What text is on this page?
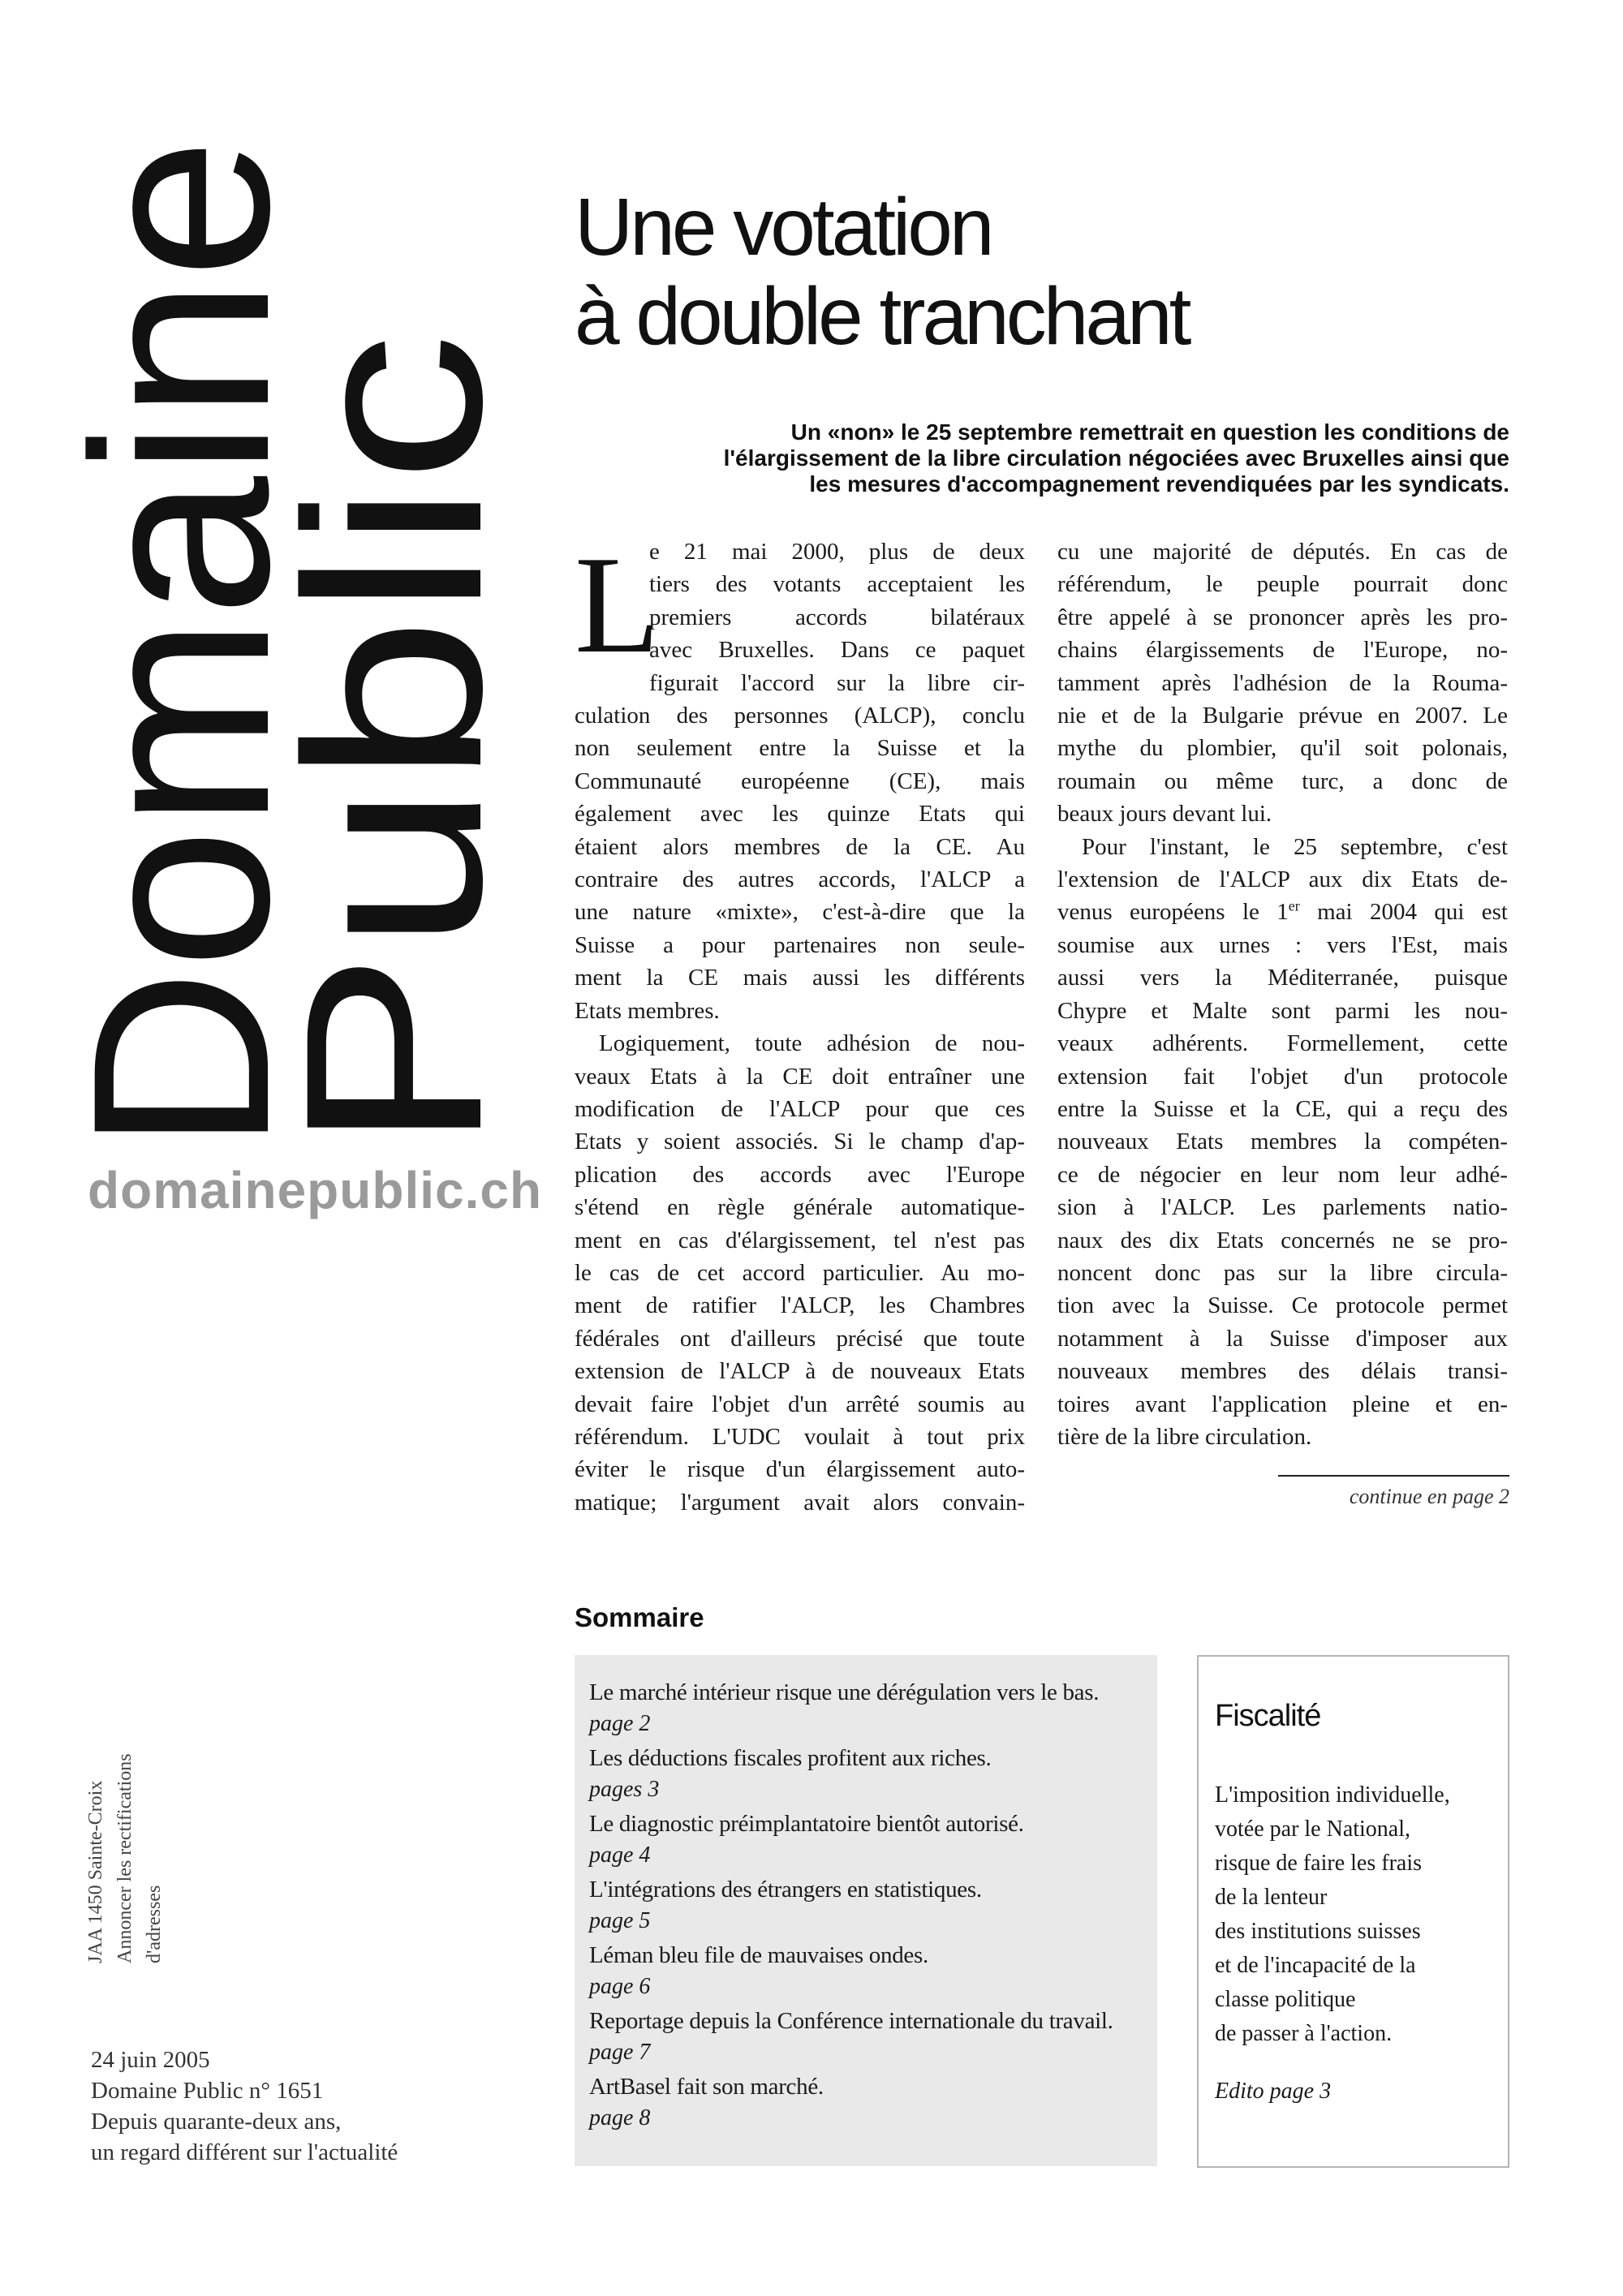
Domaine
Public
domainepublic.ch
JAA 1450 Sainte-Croix Annoncer les rectifications d'adresses
24 juin 2005
Domaine Public n° 1651
Depuis quarante-deux ans,
un regard différent sur l'actualité
Une votation
à double tranchant
Un «non» le 25 septembre remettrait en question les conditions de
l'élargissement de la libre circulation négociées avec Bruxelles ainsi que
les mesures d'accompagnement revendiquées par les syndicats.
L
e 21 mai 2000, plus de deux
tiers des votants acceptaient les
premiers accords bilatéraux
avec Bruxelles. Dans ce paquet
figurait l'accord sur la libre cir-
culation des personnes (ALCP), conclu
non seulement entre la Suisse et la
Communauté européenne (CE), mais
également avec les quinze Etats qui
étaient alors membres de la CE. Au
contraire des autres accords, l'ALCP a
une nature «mixte», c'est-à-dire que la
Suisse a pour partenaires non seule-
ment la CE mais aussi les différents
Etats membres.
Logiquement, toute adhésion de nou-
veaux Etats à la CE doit entraîner une
modification de l'ALCP pour que ces
Etats y soient associés. Si le champ d'ap-
plication des accords avec l'Europe
s'étend en règle générale automatique-
ment en cas d'élargissement, tel n'est pas
le cas de cet accord particulier. Au mo-
ment de ratifier l'ALCP, les Chambres
fédérales ont d'ailleurs précisé que toute
extension de l'ALCP à de nouveaux Etats
devait faire l'objet d'un arrêté soumis au
référendum. L'UDC voulait à tout prix
éviter le risque d'un élargissement auto-
matique; l'argument avait alors convain-
cu une majorité de députés. En cas de
référendum, le peuple pourrait donc
être appelé à se prononcer après les pro-
chains élargissements de l'Europe, no-
tamment après l'adhésion de la Rouma-
nie et de la Bulgarie prévue en 2007. Le
mythe du plombier, qu'il soit polonais,
roumain ou même turc, a donc de
beaux jours devant lui.
Pour l'instant, le 25 septembre, c'est
l'extension de l'ALCP aux dix Etats de-
venus européens le 1er mai 2004 qui est
soumise aux urnes : vers l'Est, mais
aussi vers la Méditerranée, puisque
Chypre et Malte sont parmi les nou-
veaux adhérents. Formellement, cette
extension fait l'objet d'un protocole
entre la Suisse et la CE, qui a reçu des
nouveaux Etats membres la compéten-
ce de négocier en leur nom leur adhé-
sion à l'ALCP. Les parlements natio-
naux des dix Etats concernés ne se pro-
noncent donc pas sur la libre circula-
tion avec la Suisse. Ce protocole permet
notamment à la Suisse d'imposer aux
nouveaux membres des délais transi-
toires avant l'application pleine et en-
tière de la libre circulation.
continue en page 2
Sommaire
Le marché intérieur risque une dérégulation vers le bas.
page 2
Les déductions fiscales profitent aux riches.
pages 3
Le diagnostic préimplantatoire bientôt autorisé.
page 4
L'intégrations des étrangers en statistiques.
page 5
Léman bleu file de mauvaises ondes.
page 6
Reportage depuis la Conférence internationale du travail.
page 7
ArtBasel fait son marché.
page 8
Fiscalité
L'imposition individuelle,
votée par le National,
risque de faire les frais
de la lenteur
des institutions suisses
et de l'incapacité de la
classe politique
de passer à l'action.
Edito page 3
